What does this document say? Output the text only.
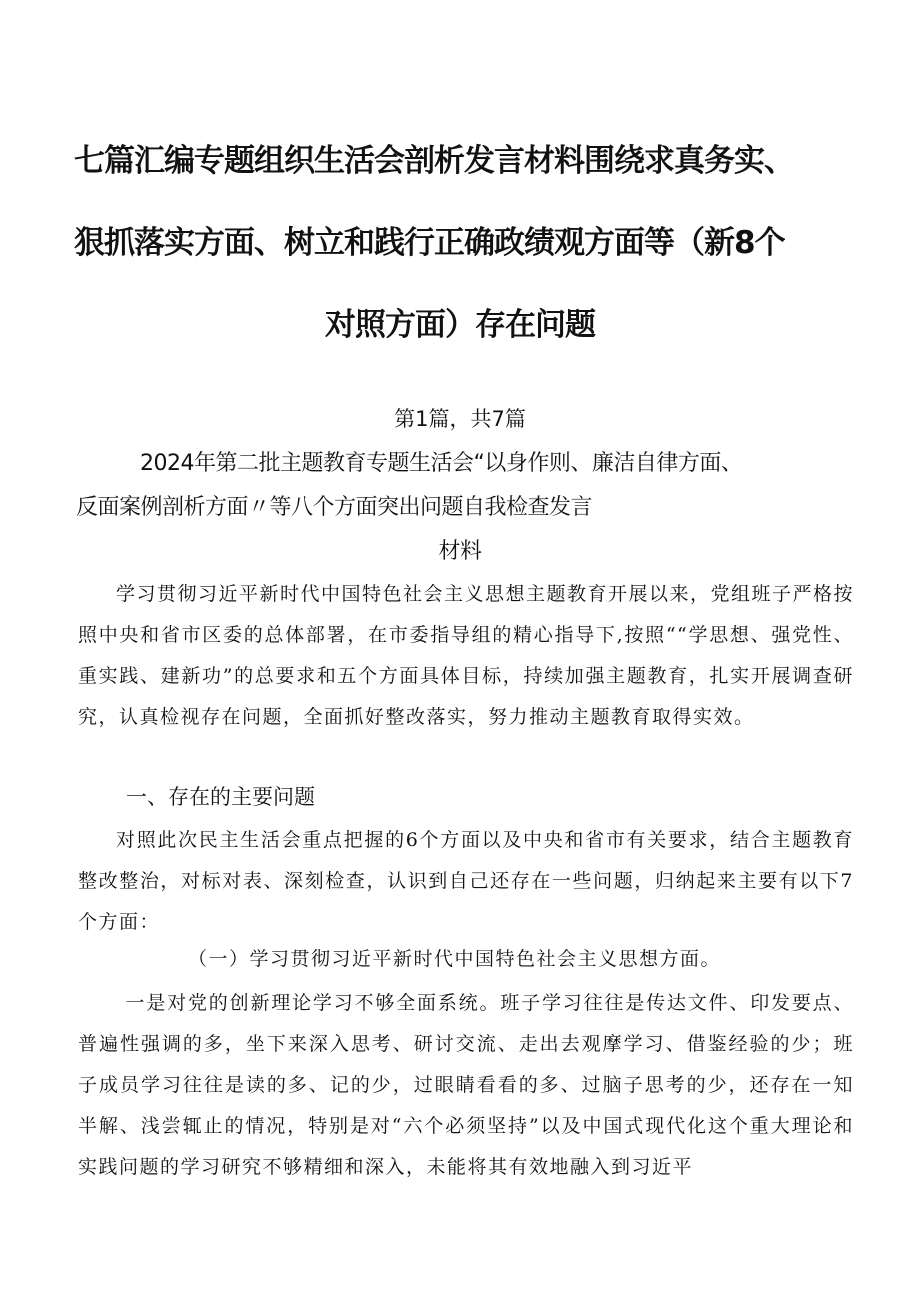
七篇汇编专题组织生活会剖析发言材料围绕求真务实、
狠抓落实方面、树立和践行正确政绩观方面等（新8个
对照方面）存在问题
第1篇，共7篇
2024年第二批主题教育专题生活会“以身作则、廉洁自律方面、
反面案例剖析方面〃等八个方面突出问题自我检查发言
材料
学习贯彻习近平新时代中国特色社会主义思想主题教育开展以来，党组班子严格按照中央和省市区委的总体部署，在市委指导组的精心指导下,按照““学思想、强党性、重实践、建新功”的总要求和五个方面具体目标，持续加强主题教育，扎实开展调查研究，认真检视存在问题，全面抓好整改落实，努力推动主题教育取得实效。
一、存在的主要问题
对照此次民主生活会重点把握的6个方面以及中央和省市有关要求，结合主题教育整改整治，对标对表、深刻检查，认识到自己还存在一些问题，归纳起来主要有以下7个方面：
（一）学习贯彻习近平新时代中国特色社会主义思想方面。
一是对党的创新理论学习不够全面系统。班子学习往往是传达文件、印发要点、普遍性强调的多，坐下来深入思考、研讨交流、走出去观摩学习、借鉴经验的少；班子成员学习往往是读的多、记的少，过眼睛看看的多、过脑子思考的少，还存在一知半解、浅尝辄止的情况，特别是对“六个必须坚持”以及中国式现代化这个重大理论和实践问题的学习研究不够精细和深入，未能将其有效地融入到习近平
